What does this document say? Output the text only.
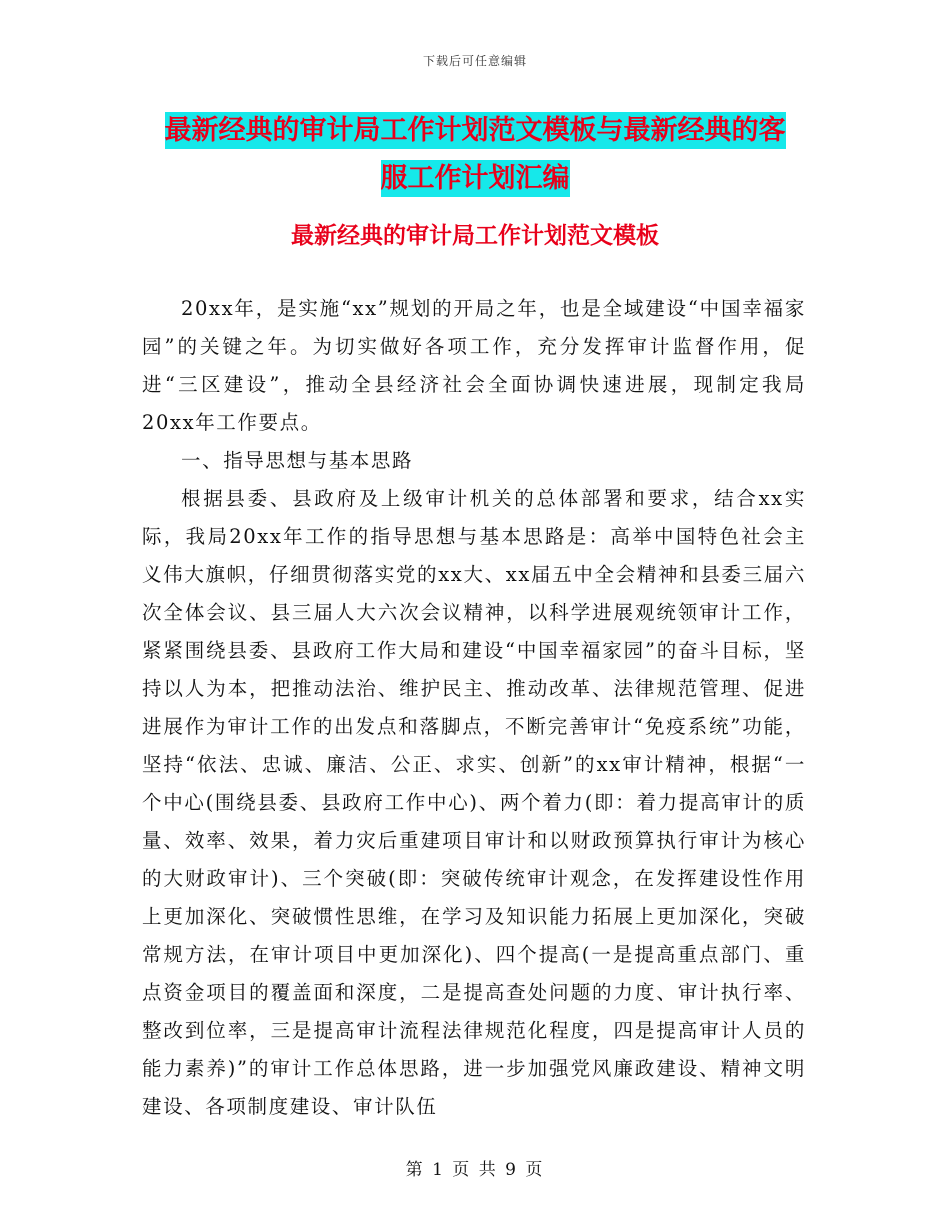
下载后可任意编辑
最新经典的审计局工作计划范文模板与最新经典的客
服工作计划汇编
最新经典的审计局工作计划范文模板

20xx年，是实施“xx”规划的开局之年，也是全域建设“中国幸福家园”的关键之年。为切实做好各项工作，充分发挥审计监督作用，促进“三区建设”，推动全县经济社会全面协调快速进展，现制定我局20xx年工作要点。

一、指导思想与基本思路

根据县委、县政府及上级审计机关的总体部署和要求，结合xx实际，我局20xx年工作的指导思想与基本思路是：高举中国特色社会主义伟大旗帜，仔细贯彻落实党的xx大、xx届五中全会精神和县委三届六次全体会议、县三届人大六次会议精神，以科学进展观统领审计工作，紧紧围绕县委、县政府工作大局和建设“中国幸福家园”的奋斗目标，坚持以人为本，把推动法治、维护民主、推动改革、法律规范管理、促进进展作为审计工作的出发点和落脚点，不断完善审计“免疫系统”功能，坚持“依法、忠诚、廉洁、公正、求实、创新”的xx审计精神，根据“一个中心(围绕县委、县政府工作中心)、两个着力(即：着力提高审计的质量、效率、效果，着力灾后重建项目审计和以财政预算执行审计为核心的大财政审计)、三个突破(即：突破传统审计观念，在发挥建设性作用上更加深化、突破惯性思维，在学习及知识能力拓展上更加深化，突破常规方法，在审计项目中更加深化)、四个提高(一是提高重点部门、重点资金项目的覆盖面和深度，二是提高查处问题的力度、审计执行率、整改到位率，三是提高审计流程法律规范化程度，四是提高审计人员的能力素养)”的审计工作总体思路，进一步加强党风廉政建设、精神文明建设、各项制度建设、审计队伍

第 1 页 共 9 页
